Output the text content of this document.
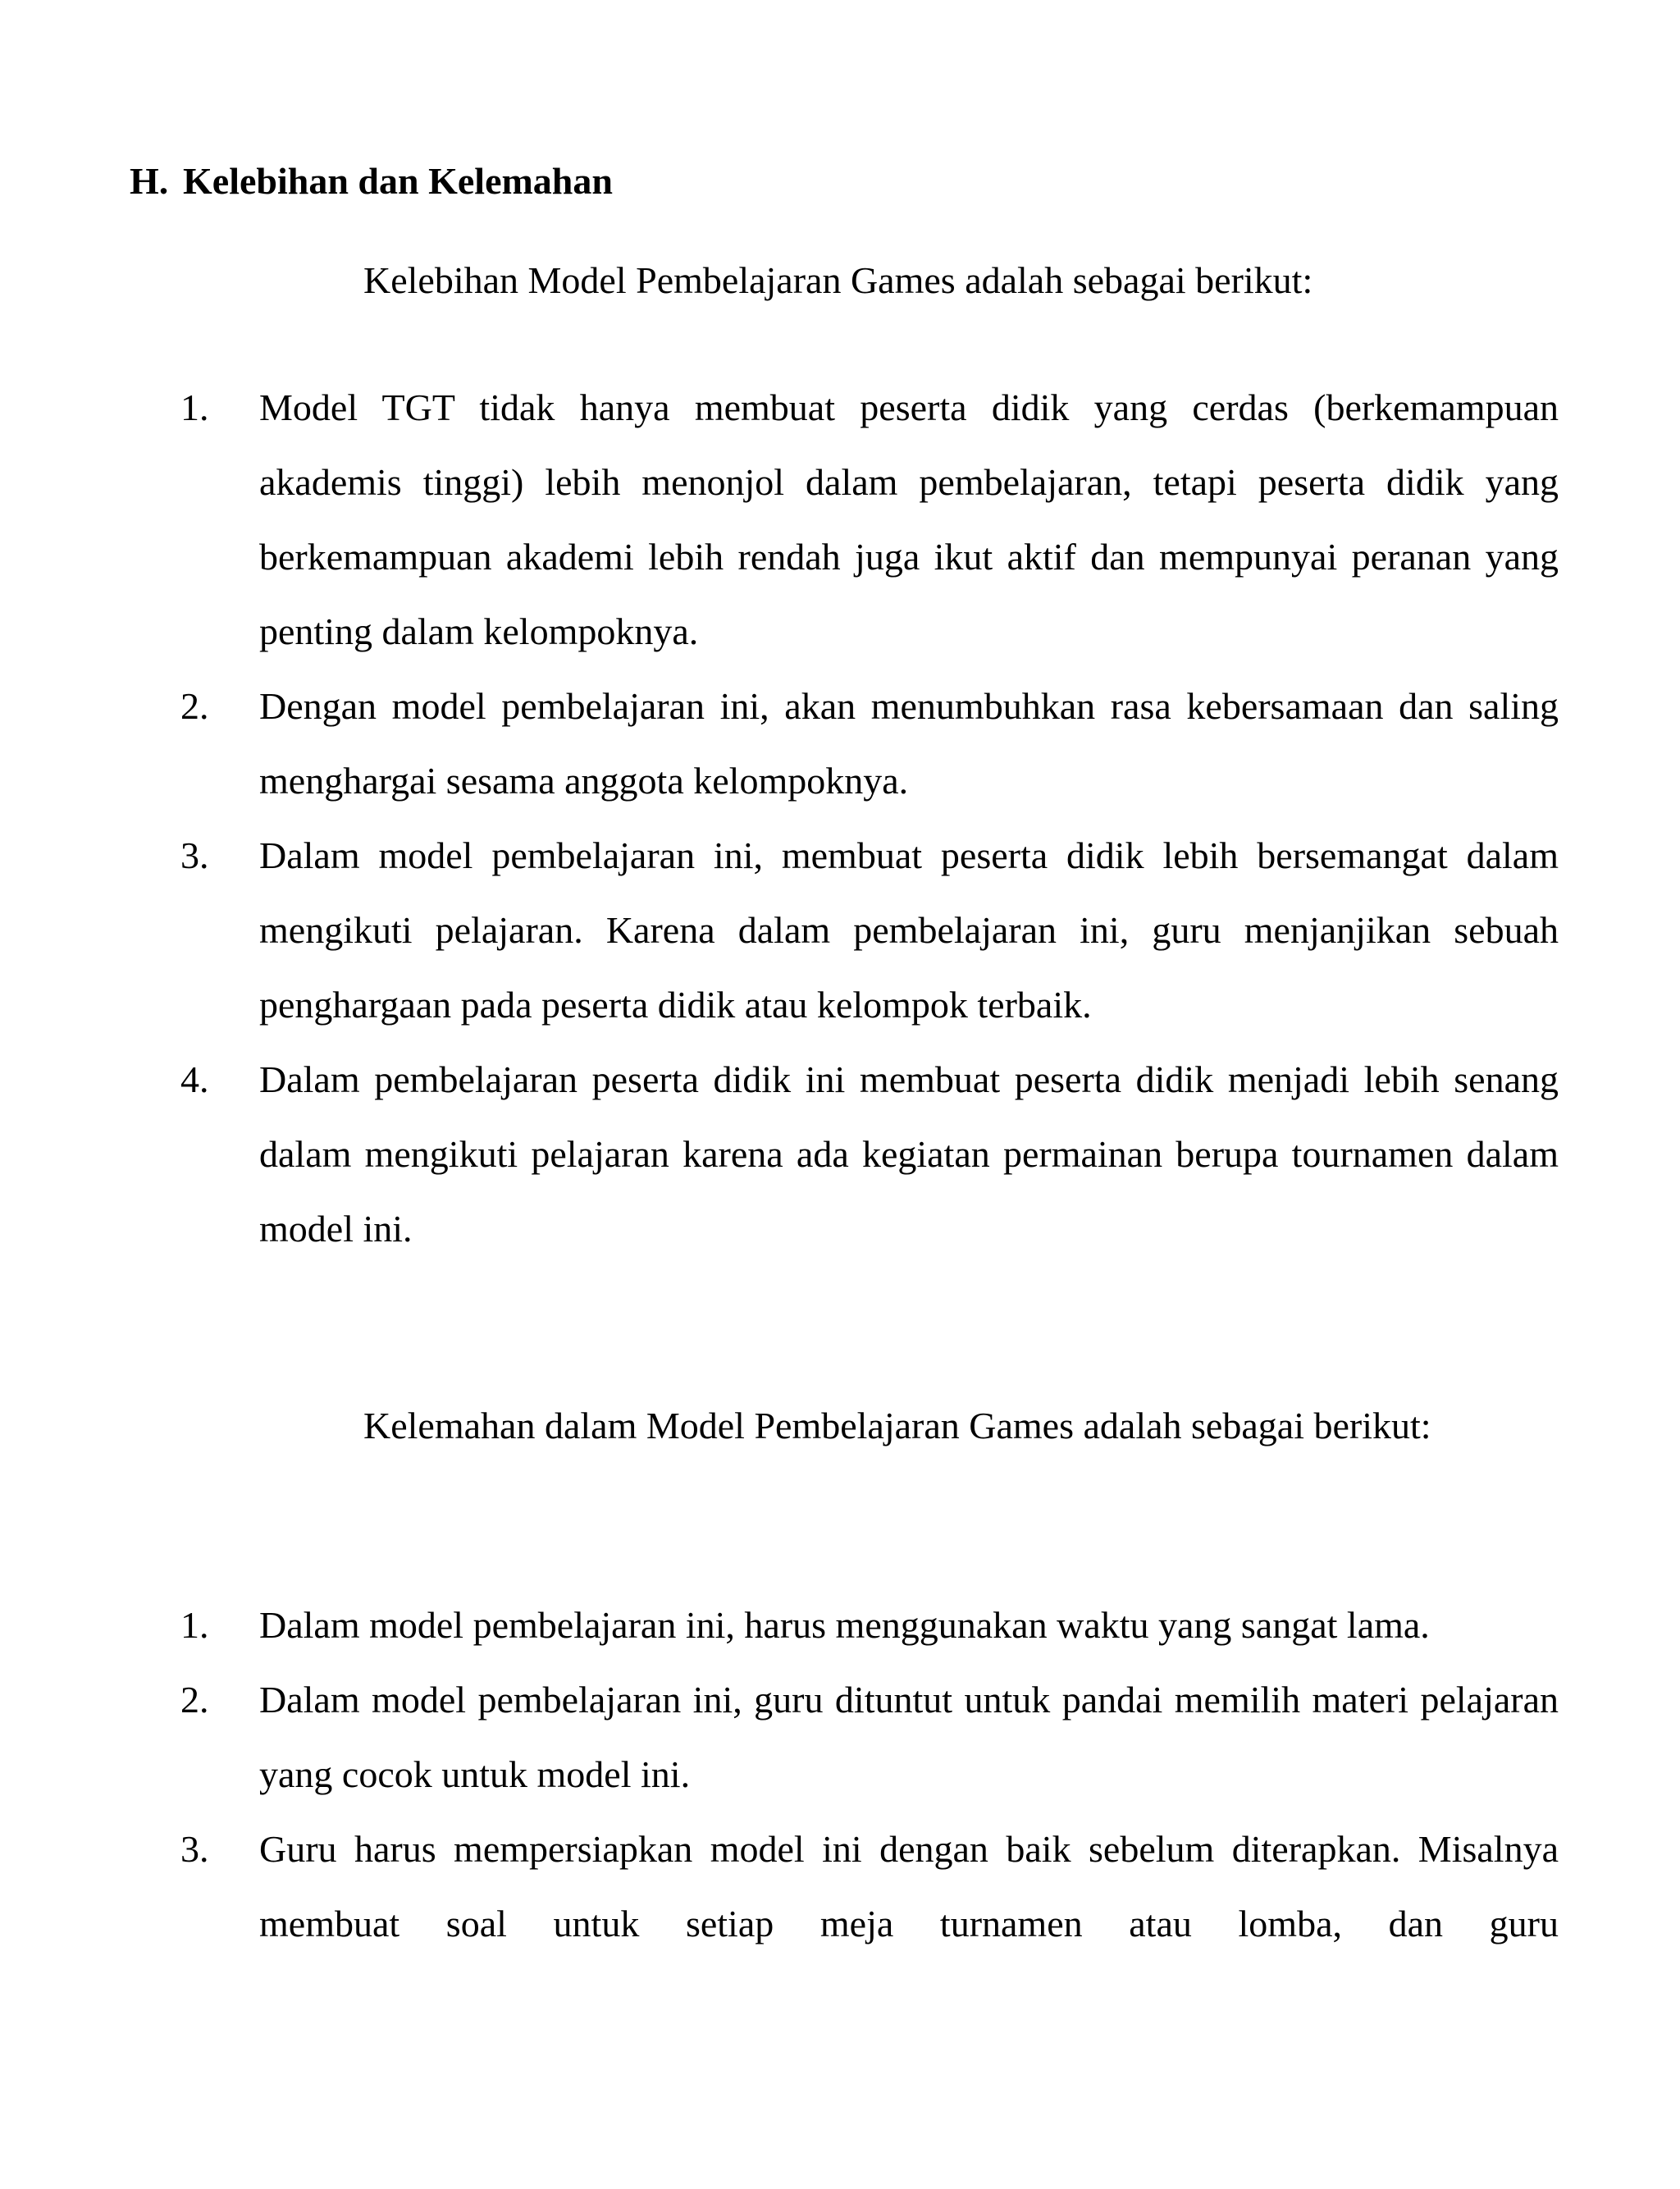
H. Kelebihan dan Kelemahan

Kelebihan Model Pembelajaran Games adalah sebagai berikut:

1.	Model TGT tidak hanya membuat peserta didik yang cerdas (berkemampuan akademis tinggi) lebih menonjol dalam pembelajaran, tetapi peserta didik yang berkemampuan akademi lebih rendah juga ikut aktif dan mempunyai peranan yang penting dalam kelompoknya.
2.	Dengan model pembelajaran ini, akan menumbuhkan rasa kebersamaan dan saling menghargai sesama anggota kelompoknya.
3.	Dalam model pembelajaran ini, membuat peserta didik lebih bersemangat dalam mengikuti pelajaran. Karena dalam pembelajaran ini, guru menjanjikan sebuah penghargaan pada peserta didik atau kelompok terbaik.
4.	Dalam pembelajaran peserta didik ini membuat peserta didik menjadi lebih senang dalam mengikuti pelajaran karena ada kegiatan permainan berupa tournamen dalam model ini.

Kelemahan dalam Model Pembelajaran Games adalah sebagai berikut:

1.	Dalam model pembelajaran ini, harus menggunakan waktu yang sangat lama.
2.	Dalam model pembelajaran ini, guru dituntut untuk pandai memilih materi pelajaran yang cocok untuk model ini.
3.	Guru harus mempersiapkan model ini dengan baik sebelum diterapkan. Misalnya membuat soal untuk setiap meja turnamen atau lomba, dan guru
